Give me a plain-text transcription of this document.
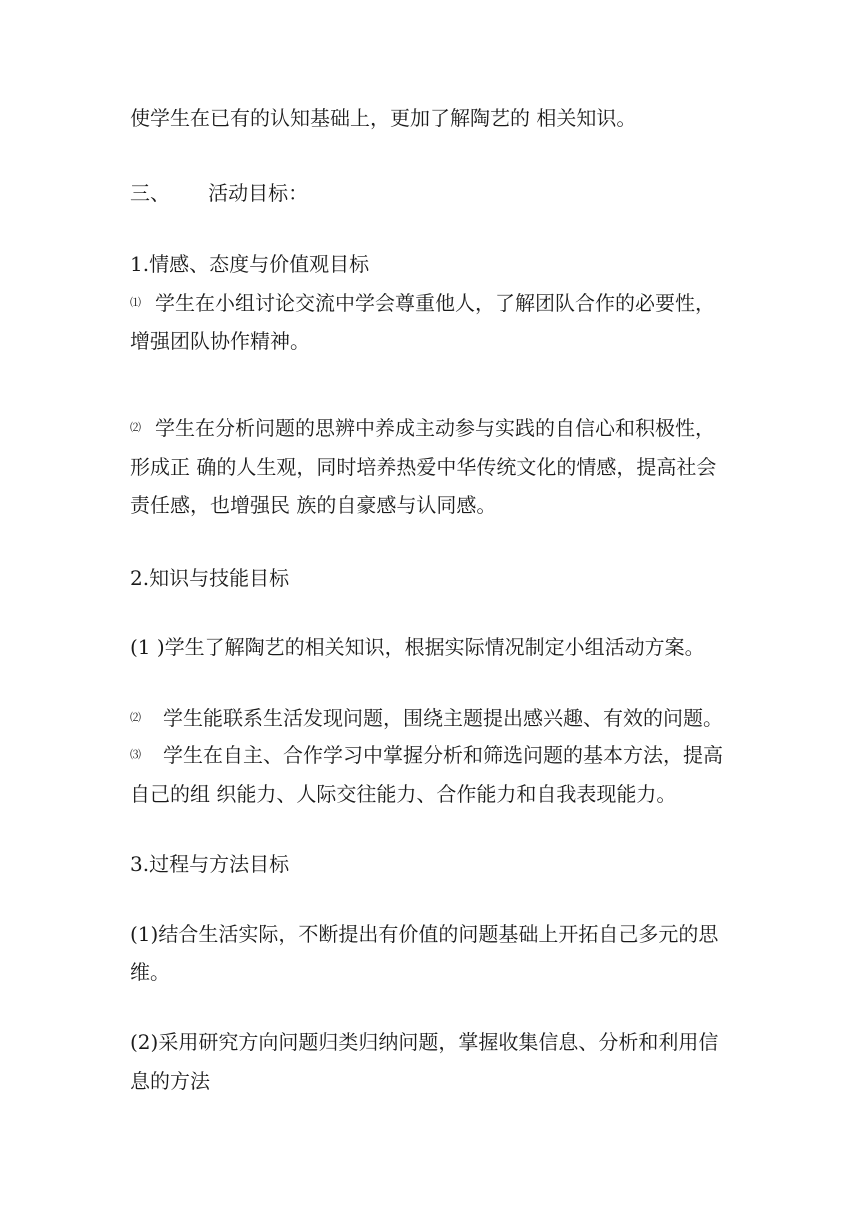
使学生在已有的认知基础上，更加了解陶艺的 相关知识。
三、      活动目标：
1.情感、态度与价值观目标
⑴ 学生在小组讨论交流中学会尊重他人，了解团队合作的必要性，
增强团队协作精神。
⑵ 学生在分析问题的思辨中养成主动参与实践的自信心和积极性，
形成正 确的人生观，同时培养热爱中华传统文化的情感，提高社会
责任感，也增强民 族的自豪感与认同感。
2.知识与技能目标
(1 )学生了解陶艺的相关知识，根据实际情况制定小组活动方案。
⑵ 学生能联系生活发现问题，围绕主题提出感兴趣、有效的问题。
⑶ 学生在自主、合作学习中掌握分析和筛选问题的基本方法，提高
自己的组 织能力、人际交往能力、合作能力和自我表现能力。
3.过程与方法目标
(1)结合生活实际，不断提出有价值的问题基础上开拓自己多元的思
维。
(2)采用研究方向问题归类归纳问题，掌握收集信息、分析和利用信
息的方法
